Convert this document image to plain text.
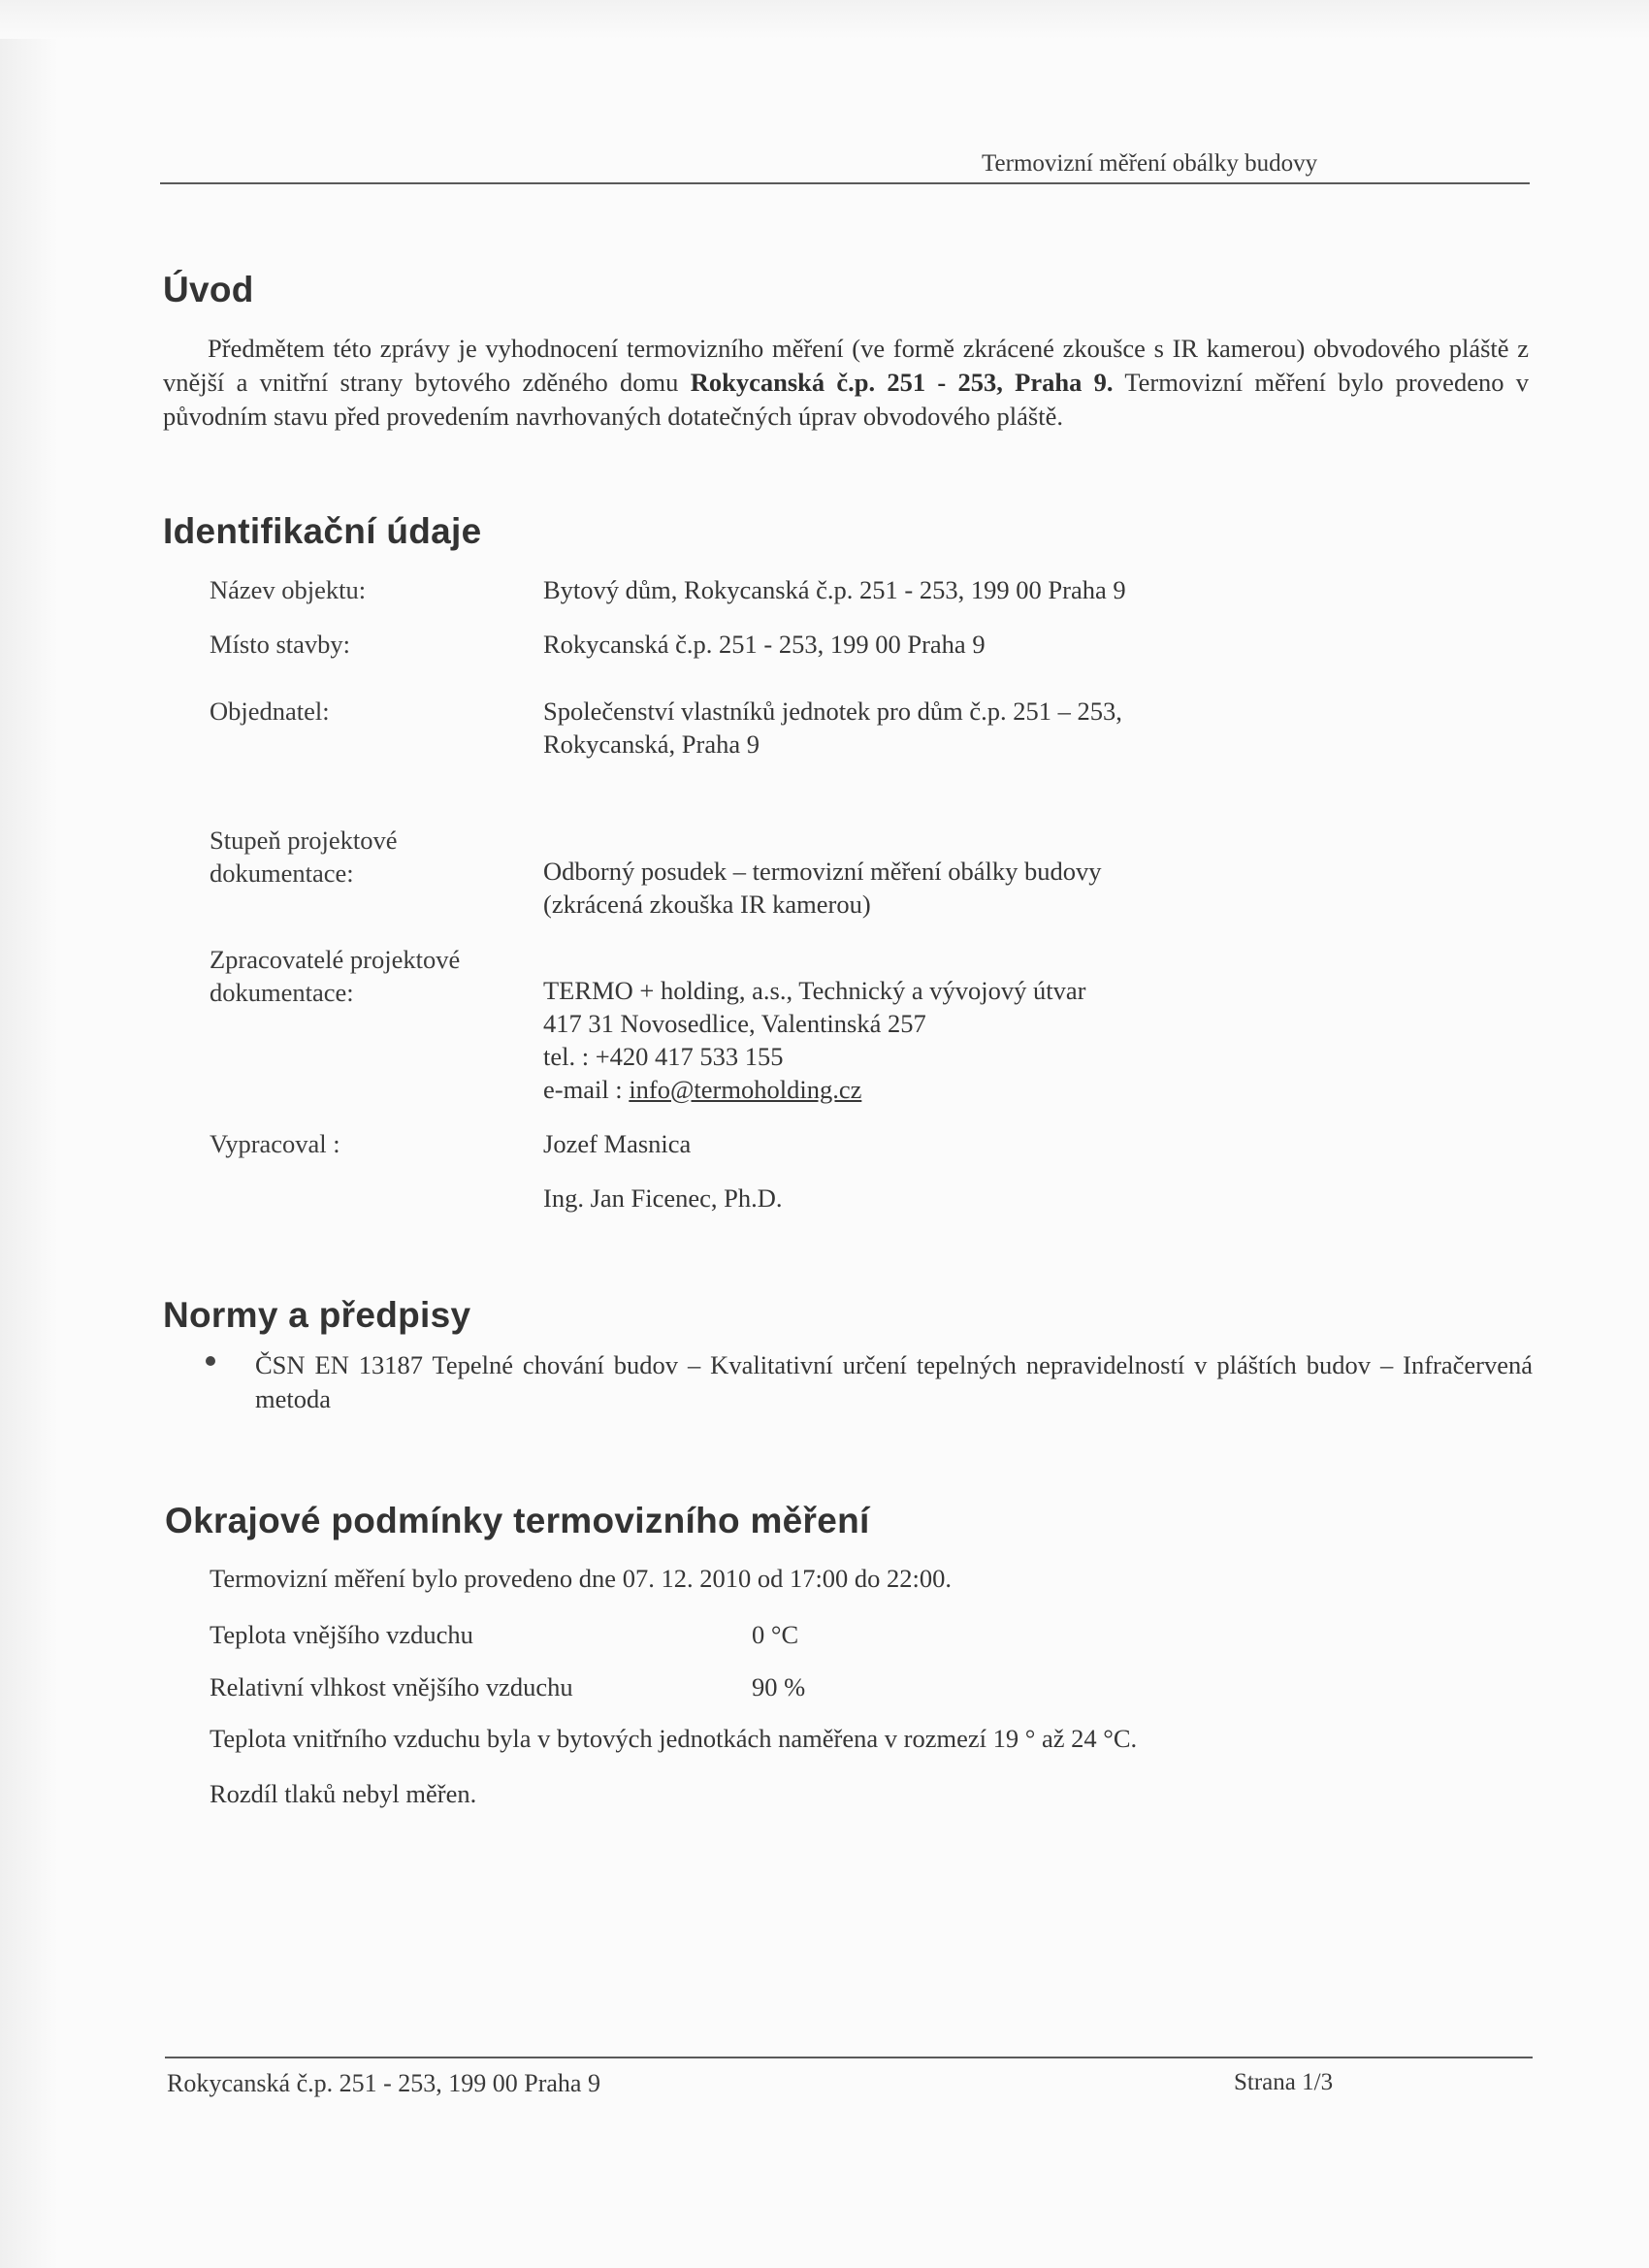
Termovizní měření obálky budovy
Úvod
Předmětem této zprávy je vyhodnocení termovizního měření (ve formě zkrácené zkoušce s IR kamerou) obvodového pláště z vnější a vnitřní strany bytového zděného domu Rokycanská č.p. 251 - 253, Praha 9. Termovizní měření bylo provedeno v původním stavu před provedením navrhovaných dotatečných úprav obvodového pláště.
Identifikační údaje
Název objektu:	Bytový dům, Rokycanská č.p. 251 - 253, 199 00 Praha 9
Místo stavby:	Rokycanská č.p. 251 - 253, 199 00 Praha 9
Objednatel:	Společenství vlastníků jednotek pro dům č.p. 251 – 253,
Rokycanská, Praha 9
Stupeň projektové
dokumentace:	Odborný posudek – termovizní měření obálky budovy
(zkrácená zkouška IR kamerou)
Zpracovatelé projektové
dokumentace:	TERMO + holding, a.s., Technický a vývojový útvar
417 31 Novosedlice, Valentinská 257
tel. : +420 417 533 155
e-mail : info@termoholding.cz
Vypracoval :	Jozef Masnica
Ing. Jan Ficenec, Ph.D.
Normy a předpisy
ČSN EN 13187 Tepelné chování budov – Kvalitativní určení tepelných nepravidelností v pláštích budov – Infračervená metoda
Okrajové podmínky termovizního měření
Termovizní měření bylo provedeno dne 07. 12. 2010 od 17:00 do 22:00.
Teplota vnějšího vzduchu	0 °C
Relativní vlhkost vnějšího vzduchu	90 %
Teplota vnitřního vzduchu byla v bytových jednotkách naměřena v rozmezí 19 ° až 24 °C.
Rozdíl tlaků nebyl měřen.
Rokycanská č.p. 251 - 253, 199 00 Praha 9	Strana 1/3
